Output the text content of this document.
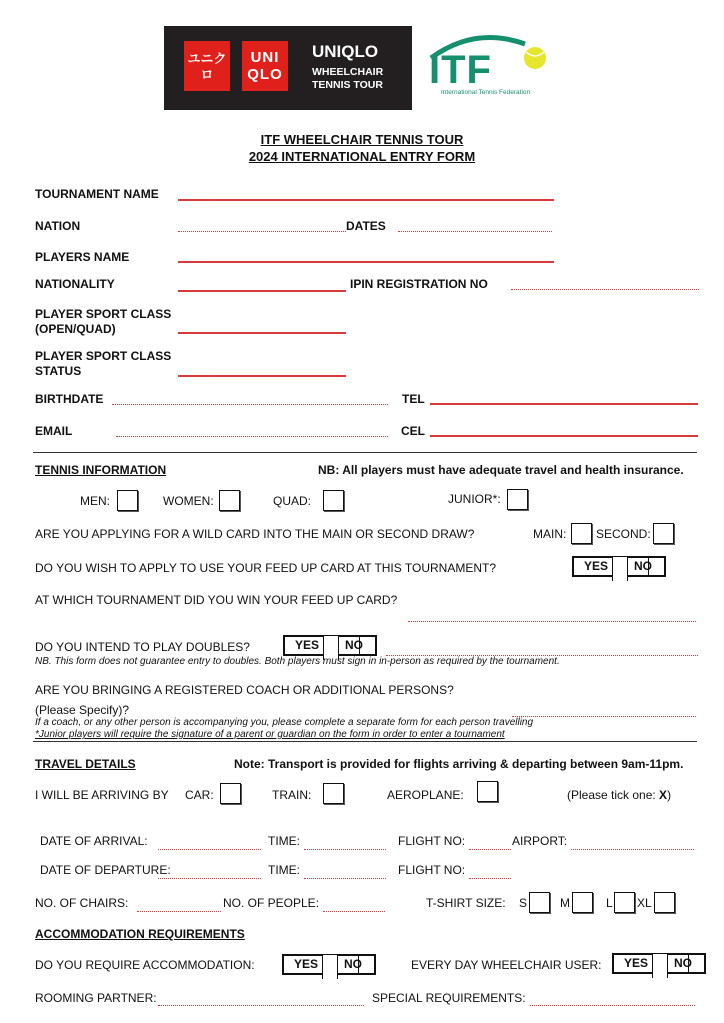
ユニクロ
UNI
QLO
UNIQLO
WHEELCHAIR
TENNIS TOUR ITF
International Tennis Federation
ITF WHEELCHAIR TENNIS TOUR
2024 INTERNATIONAL ENTRY FORM
TOURNAMENT NAME
NATION	DATES
PLAYERS NAME
NATIONALITY	IPIN REGISTRATION NO
PLAYER SPORT CLASS
(OPEN/QUAD)
PLAYER SPORT CLASS
STATUS
BIRTHDATE	TEL
EMAIL	CEL
TENNIS INFORMATION	NB: All players must have adequate travel and health insurance.
MEN:	WOMEN:	QUAD:	JUNIOR*:
ARE YOU APPLYING FOR A WILD CARD INTO THE MAIN OR SECOND DRAW?	MAIN: SECOND:
DO YOU WISH TO APPLY TO USE YOUR FEED UP CARD AT THIS TOURNAMENT?	YES	NO
AT WHICH TOURNAMENT DID YOU WIN YOUR FEED UP CARD?
DO YOU INTEND TO PLAY DOUBLES?	YES	NO
NB. This form does not guarantee entry to doubles. Both players must sign in in-person as required by the tournament.
ARE YOU BRINGING A REGISTERED COACH OR ADDITIONAL PERSONS?
(Please Specify)?
If a coach, or any other person is accompanying you, please complete a separate form for each person travelling
*Junior players will require the signature of a parent or guardian on the form in order to enter a tournament
TRAVEL DETAILS	Note: Transport is provided for flights arriving & departing between 9am-11pm.
I WILL BE ARRIVING BY CAR:	TRAIN:	AEROPLANE:	(Please tick one: X)
DATE OF ARRIVAL:	TIME:	FLIGHT NO:	AIRPORT:
DATE OF DEPARTURE:	TIME:	FLIGHT NO:
NO. OF CHAIRS:	NO. OF PEOPLE:	T-SHIRT SIZE: S	M	L XL
ACCOMMODATION REQUIREMENTS
DO YOU REQUIRE ACCOMMODATION:	YES	NO	EVERY DAY WHEELCHAIR USER:	YES	NO
ROOMING PARTNER:	SPECIAL REQUIREMENTS:
